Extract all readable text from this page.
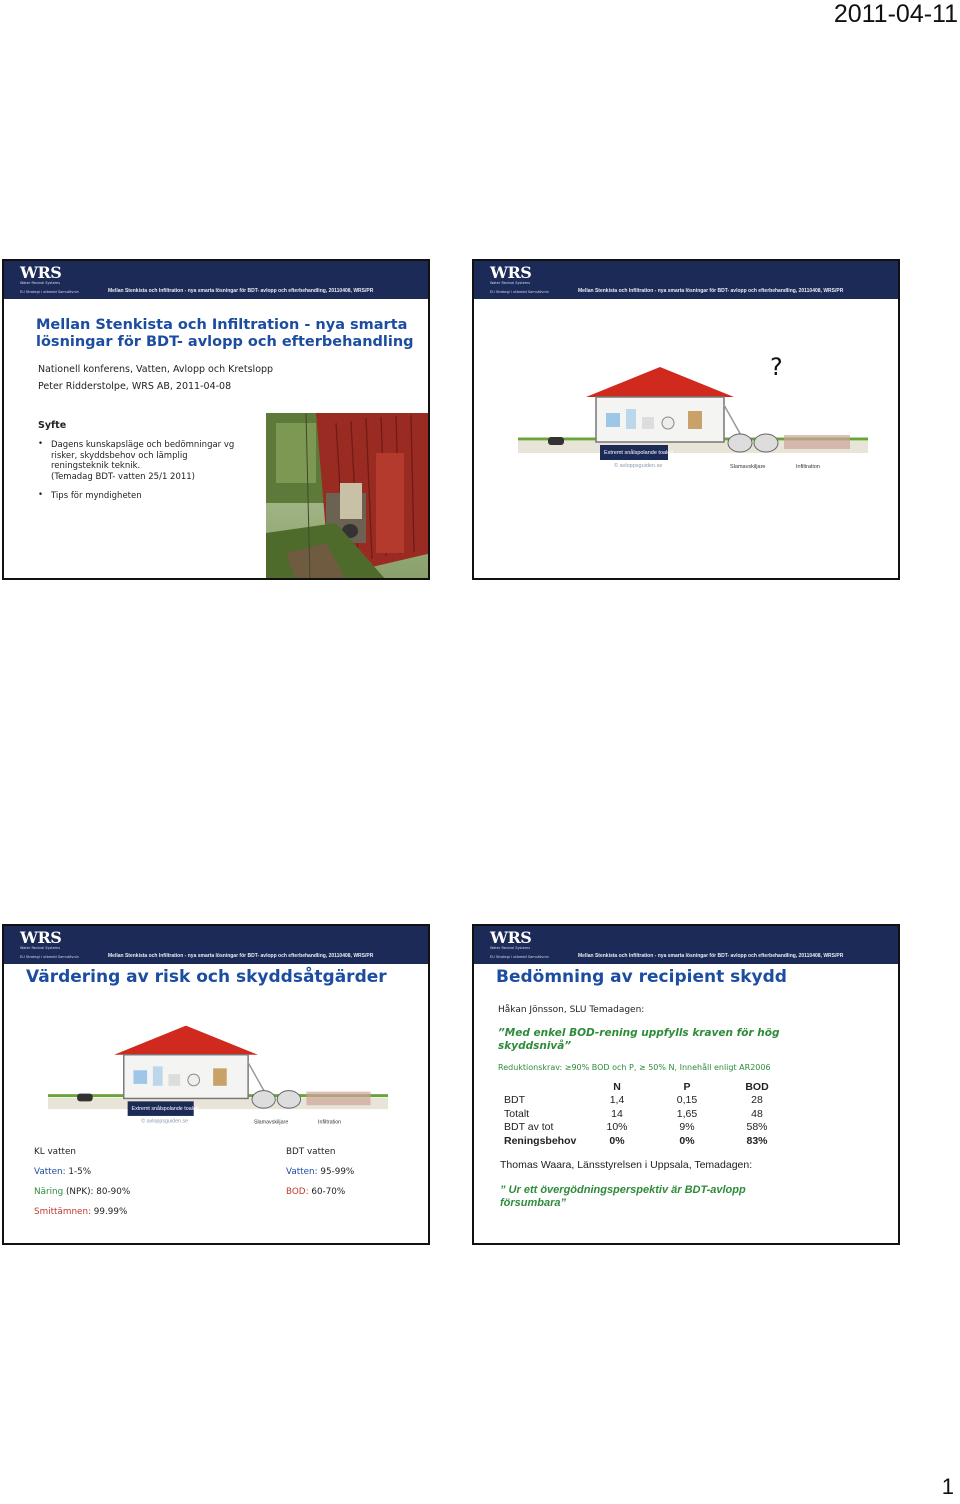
2011-04-11
WRS
Water Revival Systems
EU Strategi i utbredd Samutövnin	Mellan Stenkista och Infiltration - nya smarta lösningar för BDT- avlopp och efterbehandling, 20110408, WRS/PR
Mellan Stenkista och Infiltration - nya smarta
lösningar för BDT- avlopp och efterbehandling
Nationell konferens, Vatten, Avlopp och Kretslopp
Peter Ridderstolpe, WRS AB, 2011-04-08
Syfte
• Dagens kunskapsläge och bedömningar vg
risker, skyddsbehov och lämplig
reningsteknik teknik.
(Temadag BDT- vatten 25/1 2011)
• Tips för myndigheten
WRS
Water Revival Systems
EU Strategi i utbredd Samutövnin	Mellan Stenkista och Infiltration - nya smarta lösningar för BDT- avlopp och efterbehandling, 20110408, WRS/PR
?
Extremt snålspolande toalett
© avloppsguiden.se	Slamavskiljare	Infiltration
WRS
Water Revival Systems
EU Strategi i utbredd Samutövnin	Mellan Stenkista och Infiltration - nya smarta lösningar för BDT- avlopp och efterbehandling, 20110408, WRS/PR
Värdering av risk och skyddsåtgärder
Extremt snålspolande toalett
© avloppsguiden.se	Slamavskiljare	Infiltration
KL vatten
Vatten: 1-5%
Näring (NPK): 80-90%
Smittämnen: 99.99%
BDT vatten
Vatten: 95-99%
BOD: 60-70%
WRS
Water Revival Systems
EU Strategi i utbredd Samutövnin	Mellan Stenkista och Infiltration - nya smarta lösningar för BDT- avlopp och efterbehandling, 20110408, WRS/PR
Bedömning av recipient skydd
Håkan Jönsson, SLU Temadagen:
”Med enkel BOD-rening uppfylls kraven för hög
skyddsnivå”
Reduktionskrav: ≥90% BOD och P, ≥ 50% N, Innehåll enligt AR2006
	N	P	BOD
BDT	1,4	0,15	28
Totalt	14	1,65	48
BDT av tot	10%	9%	58%
Reningsbehov	0%	0%	83%
Thomas Waara, Länsstyrelsen i Uppsala, Temadagen:
” Ur ett övergödningsperspektiv är BDT-avlopp
försumbara”
1
